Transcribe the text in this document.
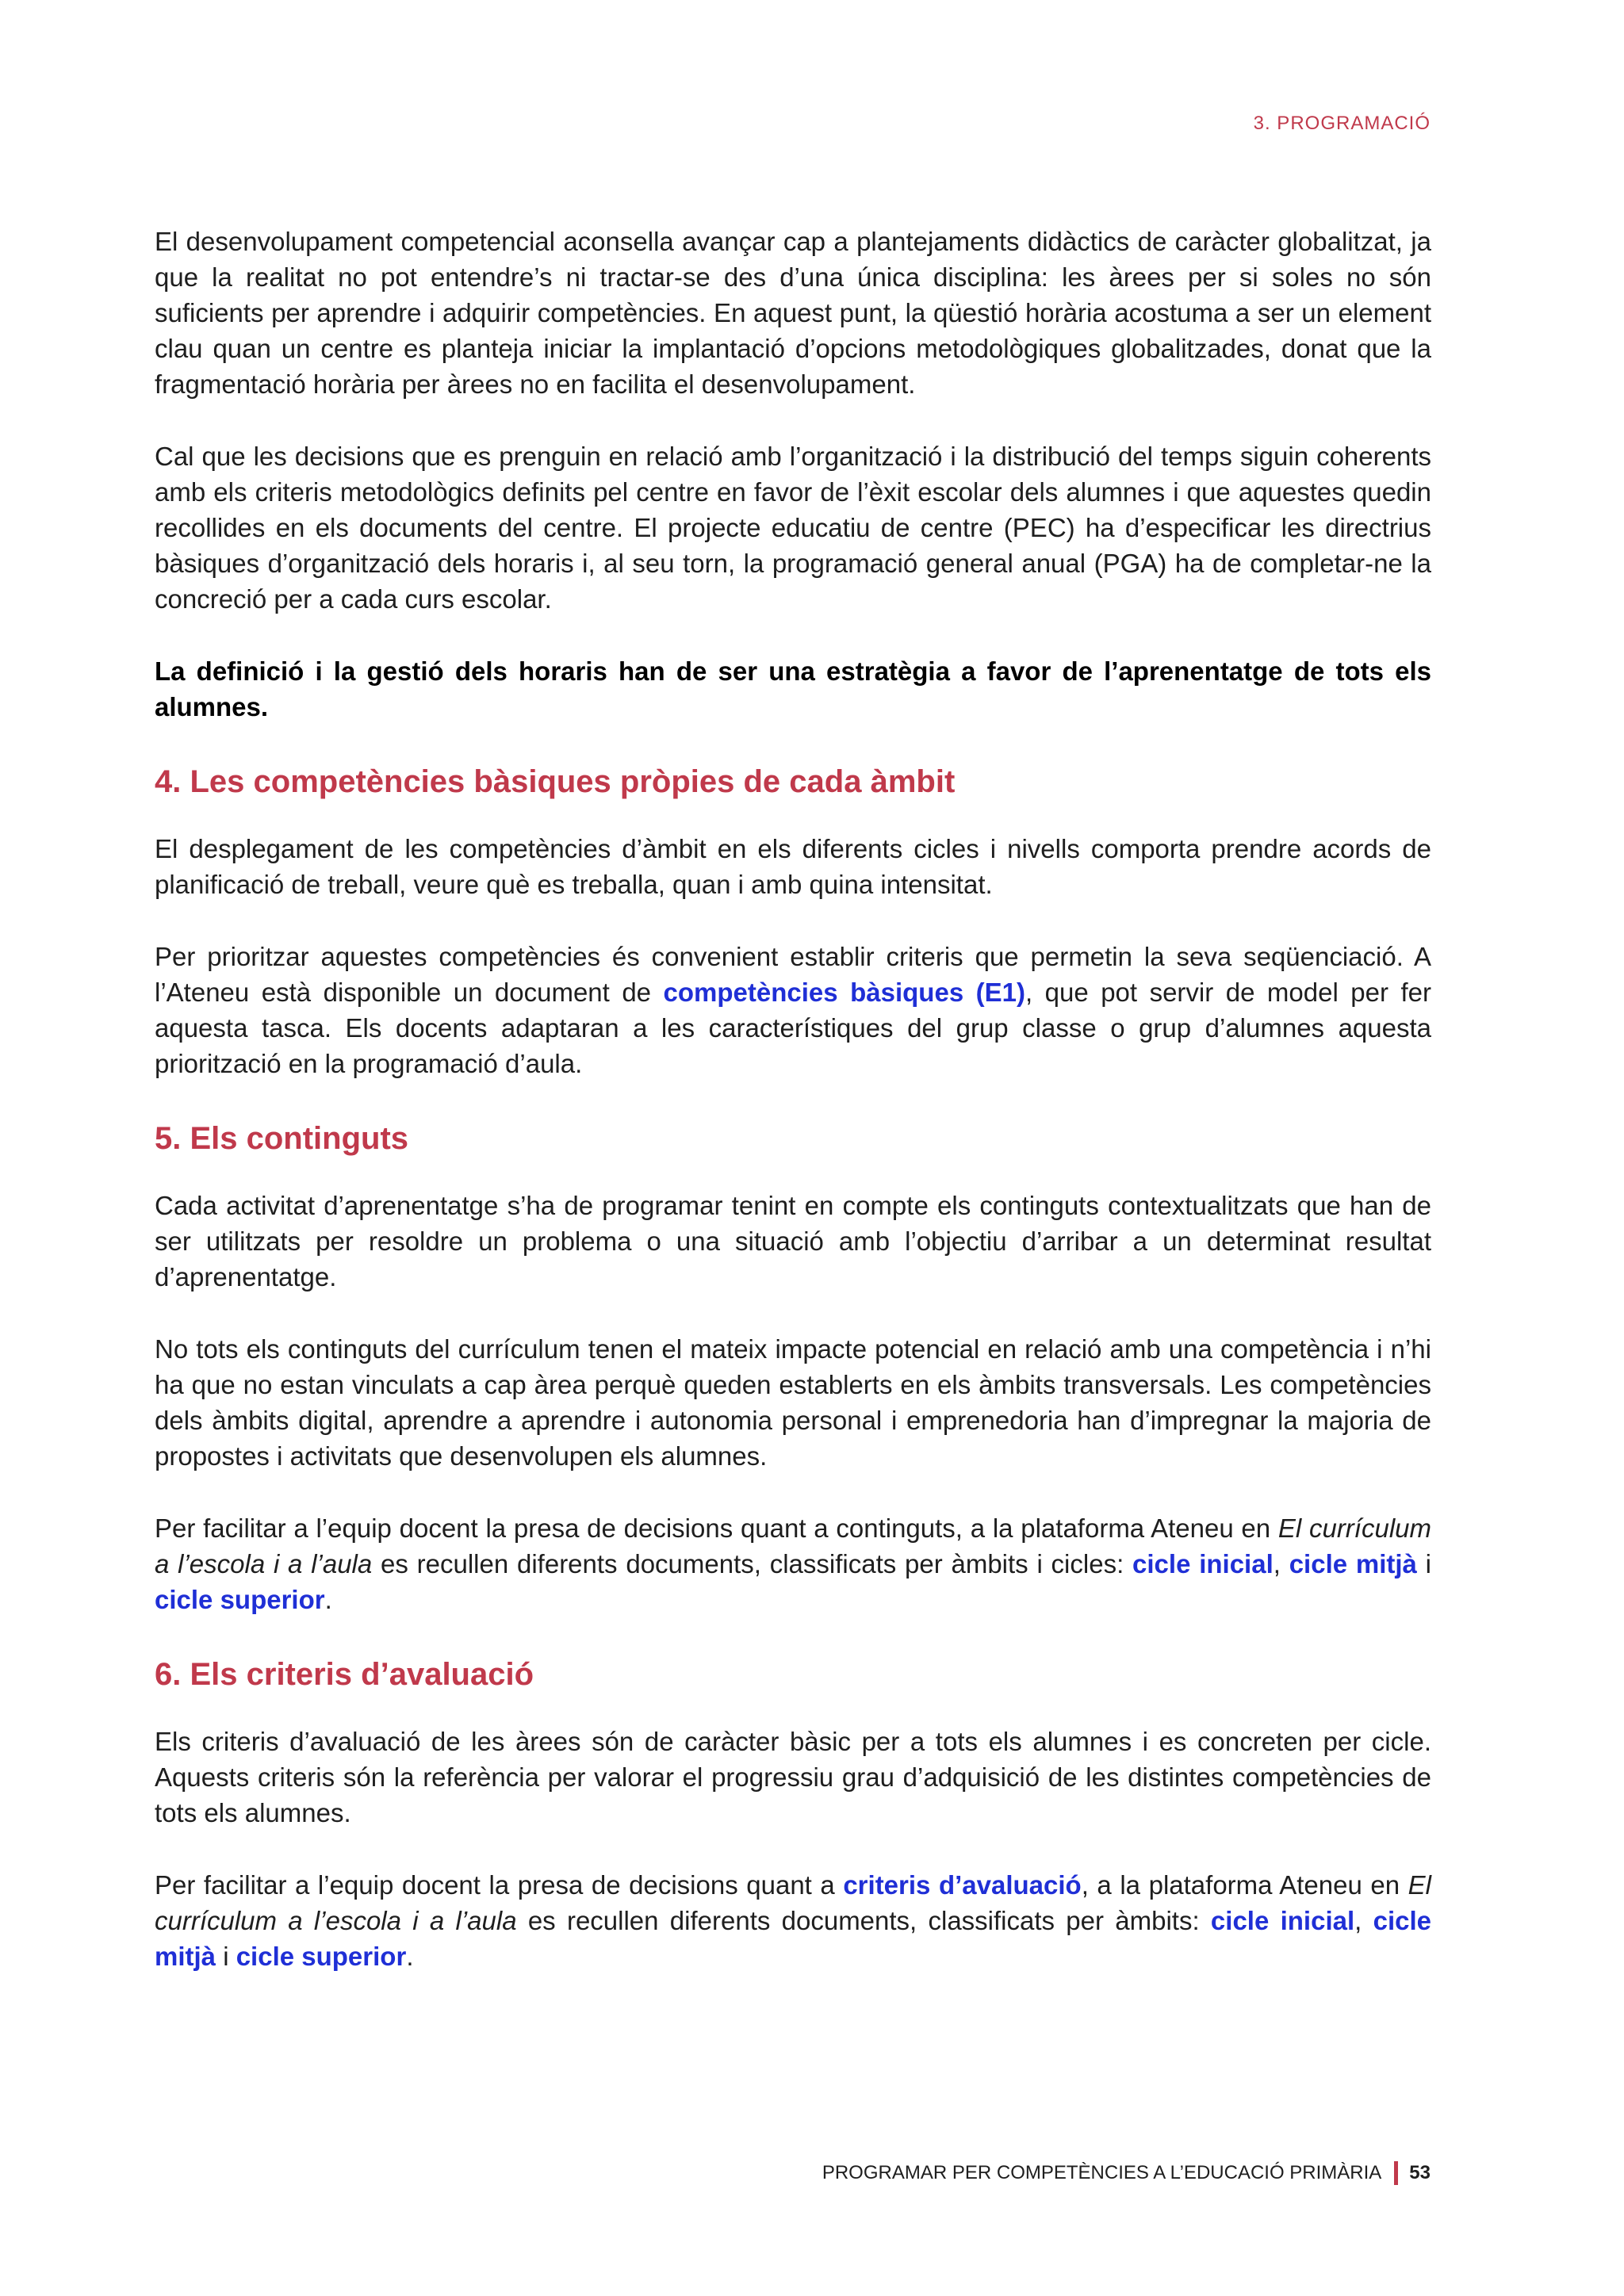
3. PROGRAMACIÓ

El desenvolupament competencial aconsella avançar cap a plantejaments didàctics de caràcter globalitzat, ja que la realitat no pot entendre’s ni tractar-se des d’una única disciplina: les àrees per si soles no són suficients per aprendre i adquirir competències. En aquest punt, la qüestió horària acostuma a ser un element clau quan un centre es planteja iniciar la implantació d’opcions metodològiques globalitzades, donat que la fragmentació horària per àrees no en facilita el desenvolupament.

Cal que les decisions que es prenguin en relació amb l’organització i la distribució del temps siguin coherents amb els criteris metodològics definits pel centre en favor de l’èxit escolar dels alumnes i que aquestes quedin recollides en els documents del centre. El projecte educatiu de centre (PEC) ha d’especificar les directrius bàsiques d’organització dels horaris i, al seu torn, la programació general anual (PGA) ha de completar-ne la concreció per a cada curs escolar.

La definició i la gestió dels horaris han de ser una estratègia a favor de l’aprenentatge de tots els alumnes.

4. Les competències bàsiques pròpies de cada àmbit

El desplegament de les competències d’àmbit en els diferents cicles i nivells comporta prendre acords de planificació de treball, veure què es treballa, quan i amb quina intensitat.

Per prioritzar aquestes competències és convenient establir criteris que permetin la seva seqüenciació. A l’Ateneu està disponible un document de competències bàsiques (E1), que pot servir de model per fer aquesta tasca. Els docents adaptaran a les característiques del grup classe o grup d’alumnes aquesta priorització en la programació d’aula.

5. Els continguts

Cada activitat d’aprenentatge s’ha de programar tenint en compte els continguts contextualitzats que han de ser utilitzats per resoldre un problema o una situació amb l’objectiu d’arribar a un determinat resultat d’aprenentatge.

No tots els continguts del currículum tenen el mateix impacte potencial en relació amb una competència i n’hi ha que no estan vinculats a cap àrea perquè queden establerts en els àmbits transversals. Les competències dels àmbits digital, aprendre a aprendre i autonomia personal i emprenedoria han d’impregnar la majoria de propostes i activitats que desenvolupen els alumnes.

Per facilitar a l’equip docent la presa de decisions quant a continguts, a la plataforma Ateneu en El currículum a l’escola i a l’aula es recullen diferents documents, classificats per àmbits i cicles: cicle inicial, cicle mitjà i cicle superior.

6. Els criteris d’avaluació

Els criteris d’avaluació de les àrees són de caràcter bàsic per a tots els alumnes i es concreten per cicle. Aquests criteris són la referència per valorar el progressiu grau d’adquisició de les distintes competències de tots els alumnes.

Per facilitar a l’equip docent la presa de decisions quant a criteris d’avaluació, a la plataforma Ateneu en El currículum a l’escola i a l’aula es recullen diferents documents, classificats per àmbits: cicle inicial, cicle mitjà i cicle superior.

PROGRAMAR PER COMPETÈNCIES A L’EDUCACIÓ PRIMÀRIA 53
